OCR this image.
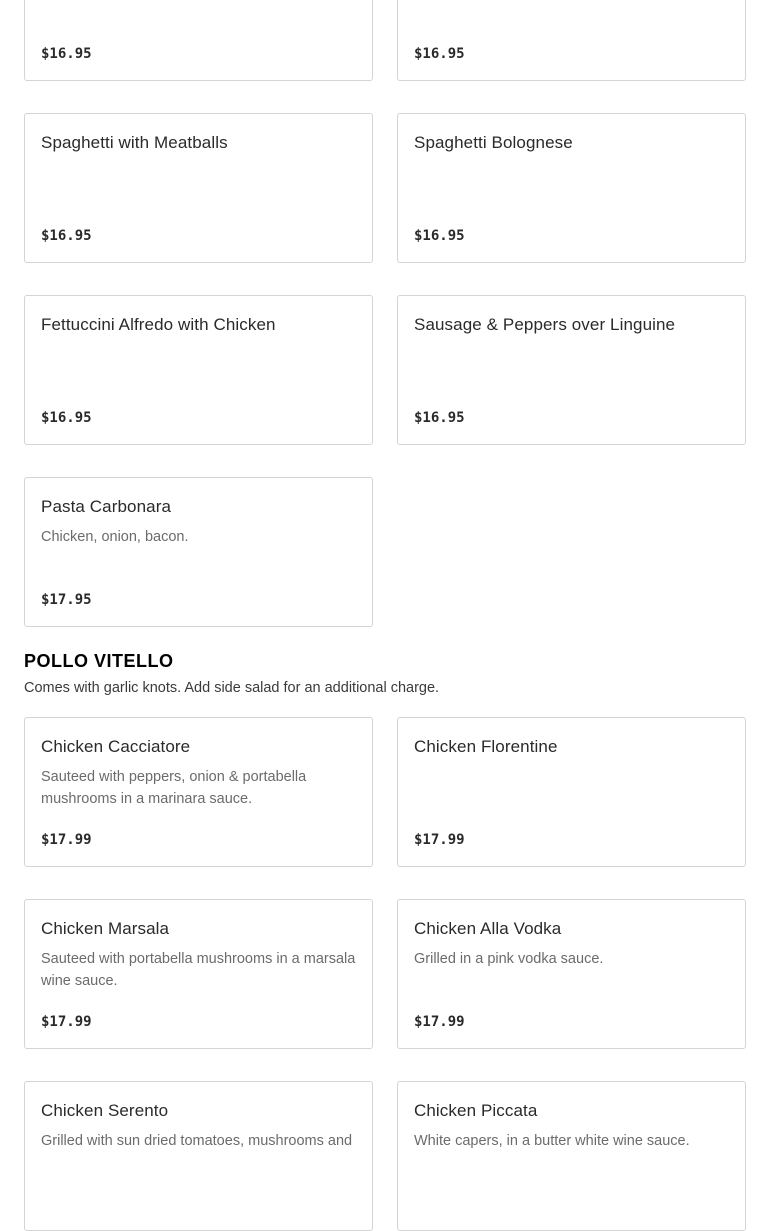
$16.95	$16.95
Spaghetti with Meatballs
$16.95
Spaghetti Bolognese
$16.95
Fettuccini Alfredo with Chicken
$16.95
Sausage & Peppers over Linguine
$16.95
Pasta Carbonara
Chicken, onion, bacon.
$17.95
POLLO VITELLO

Comes with garlic knots. Add side salad for an additional charge.

Chicken Cacciatore
Sauteed with peppers, onion & portabella mushrooms in a marinara sauce.
$17.99
Chicken Florentine
$17.99
Chicken Marsala
Sauteed with portabella mushrooms in a marsala wine sauce.
$17.99
Chicken Alla Vodka
Grilled in a pink vodka sauce.
$17.99
Chicken Serento
Grilled with sun dried tomatoes, mushrooms and
Chicken Piccata
White capers, in a butter white wine sauce.
